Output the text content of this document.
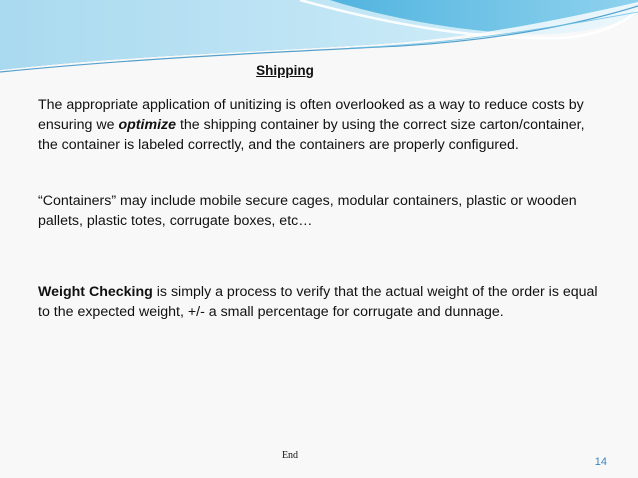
Shipping

The appropriate application of unitizing is often overlooked as a way to reduce costs by ensuring we optimize the shipping container by using the correct size carton/container, the container is labeled correctly, and the containers are properly configured.

“Containers” may include mobile secure cages, modular containers, plastic or wooden pallets, plastic totes, corrugate boxes, etc…

Weight Checking is simply a process to verify that the actual weight of the order is equal to the expected weight, +/- a small percentage for corrugate and dunnage.

End
14
